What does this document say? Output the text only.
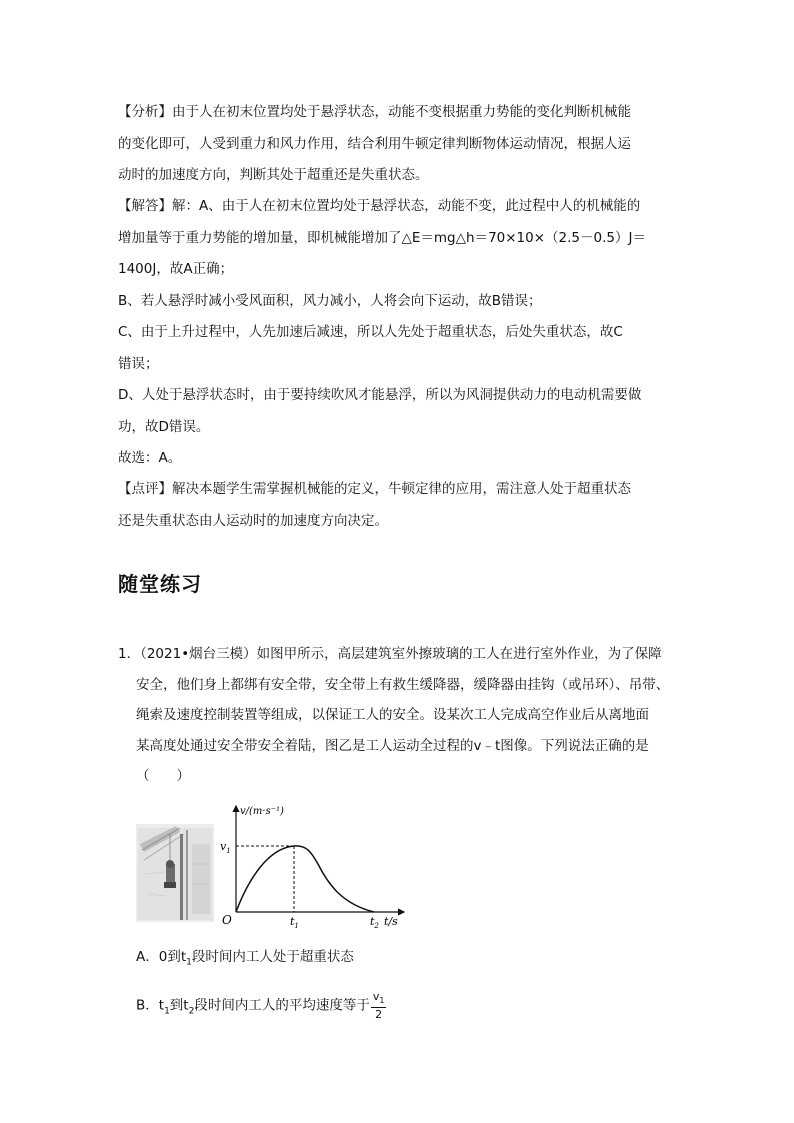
【分析】由于人在初末位置均处于悬浮状态，动能不变根据重力势能的变化判断机械能
的变化即可，人受到重力和风力作用，结合利用牛顿定律判断物体运动情况，根据人运
动时的加速度方向，判断其处于超重还是失重状态。
【解答】解：A、由于人在初末位置均处于悬浮状态，动能不变，此过程中人的机械能的
增加量等于重力势能的增加量，即机械能增加了△E＝mg△h＝70×10×（2.5－0.5）J＝
1400J，故A正确；
B、若人悬浮时减小受风面积，风力减小，人将会向下运动，故B错误；
C、由于上升过程中，人先加速后减速，所以人先处于超重状态，后处失重状态，故C
错误；
D、人处于悬浮状态时，由于要持续吹风才能悬浮，所以为风洞提供动力的电动机需要做
功，故D错误。
故选：A。
【点评】解决本题学生需掌握机械能的定义，牛顿定律的应用，需注意人处于超重状态
还是失重状态由人运动时的加速度方向决定。
随堂练习
1．（2021•烟台三模）如图甲所示，高层建筑室外擦玻璃的工人在进行室外作业，为了保障
安全，他们身上都绑有安全带，安全带上有救生缓降器，缓降器由挂钩（或吊环）、吊带、
绳索及速度控制装置等组成，以保证工人的安全。设某次工人完成高空作业后从离地面
某高度处通过安全带安全着陆，图乙是工人运动全过程的v﹣t图像。下列说法正确的是
（　　）
v/(m·s⁻¹)
$v_1$
O	$t_1$	$t_2$ t/s
A．0到$t_1$段时间内工人处于超重状态
B．$t_1$到$t_2$段时间内工人的平均速度等于 $\frac{v_1}{2}$
